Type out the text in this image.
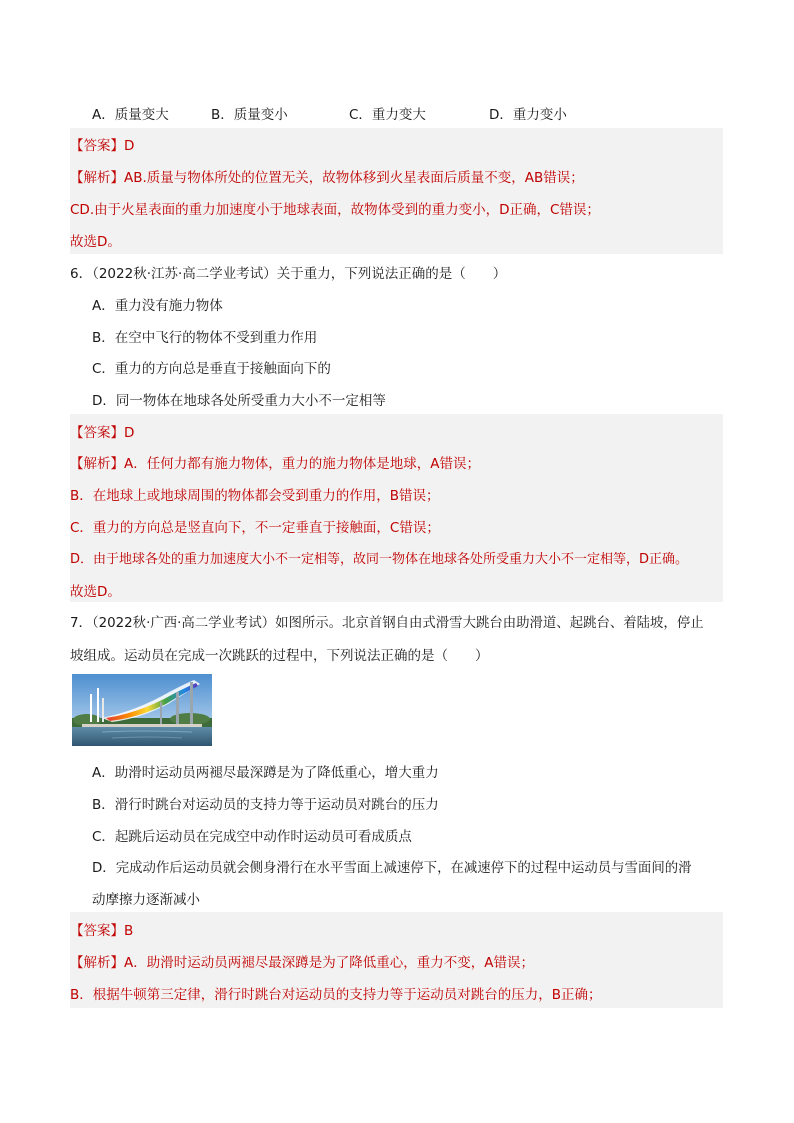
A．质量变大	B．质量变小	C．重力变大	D．重力变小
【答案】D
【解析】AB.质量与物体所处的位置无关，故物体移到火星表面后质量不变，AB错误；
CD.由于火星表面的重力加速度小于地球表面，故物体受到的重力变小，D正确，C错误；
故选D。
6．（2022秋·江苏·高二学业考试）关于重力，下列说法正确的是（　　）
A．重力没有施力物体
B．在空中飞行的物体不受到重力作用
C．重力的方向总是垂直于接触面向下的
D．同一物体在地球各处所受重力大小不一定相等
【答案】D
【解析】A．任何力都有施力物体，重力的施力物体是地球，A错误；
B．在地球上或地球周围的物体都会受到重力的作用，B错误；
C．重力的方向总是竖直向下，不一定垂直于接触面，C错误；
D．由于地球各处的重力加速度大小不一定相等，故同一物体在地球各处所受重力大小不一定相等，D正确。
故选D。
7．（2022秋·广西·高二学业考试）如图所示。北京首钢自由式滑雪大跳台由助滑道、起跳台、着陆坡，停止
坡组成。运动员在完成一次跳跃的过程中，下列说法正确的是（　　）
A．助滑时运动员两褪尽最深蹲是为了降低重心，增大重力
B．滑行时跳台对运动员的支持力等于运动员对跳台的压力
C．起跳后运动员在完成空中动作时运动员可看成质点
D．完成动作后运动员就会侧身滑行在水平雪面上减速停下，在减速停下的过程中运动员与雪面间的滑
动摩擦力逐渐减小
【答案】B
【解析】A．助滑时运动员两褪尽最深蹲是为了降低重心，重力不变，A错误；
B．根据牛顿第三定律，滑行时跳台对运动员的支持力等于运动员对跳台的压力，B正确；
